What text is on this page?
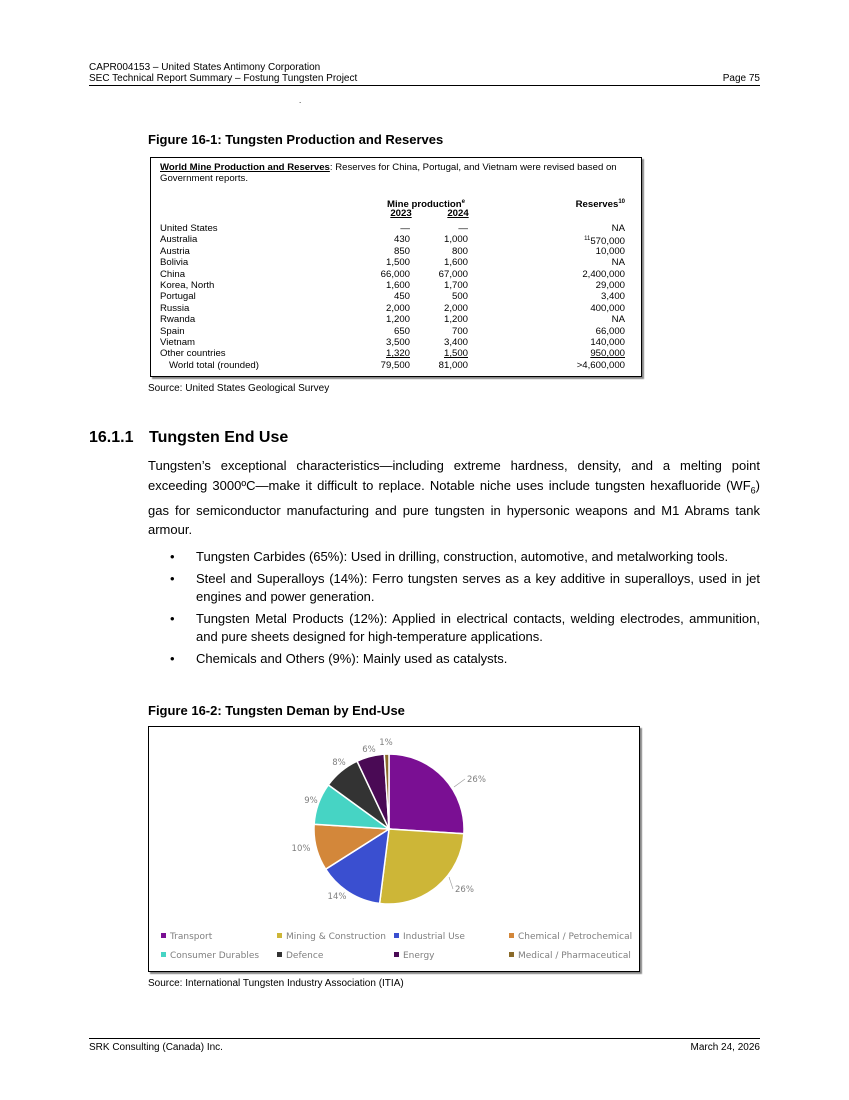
CAPR004153 – United States Antimony Corporation
SEC Technical Report Summary – Fostung Tungsten Project	Page 75
.
Figure 16-1: Tungsten Production and Reserves
World Mine Production and Reserves: Reserves for China, Portugal, and Vietnam were revised based on
Government reports.
Mine production$^e$
2023	2024
Reserves$^{10}$
United States	—	—	NA
Australia	430	1,000	$^{11}$570,000
Austria	850	800	10,000
Bolivia	1,500	1,600	NA
China	66,000	67,000	2,400,000
Korea, North	1,600	1,700	29,000
Portugal	450	500	3,400
Russia	2,000	2,000	400,000
Rwanda	1,200	1,200	NA
Spain	650	700	66,000
Vietnam	3,500	3,400	140,000
Other countries	1,320	1,500	950,000
World total (rounded)	79,500	81,000	>4,600,000
Source: United States Geological Survey
16.1.1 Tungsten End Use
Tungsten’s exceptional characteristics—including extreme hardness, density, and a melting point exceeding 3000ºC—make it difficult to replace. Notable niche uses include tungsten hexafluoride $(WF_6)$ gas for semiconductor manufacturing and pure tungsten in hypersonic weapons and M1 Abrams tank armour.
• Tungsten Carbides (65%): Used in drilling, construction, automotive, and metalworking tools.
• Steel and Superalloys (14%): Ferro tungsten serves as a key additive in superalloys, used in jet engines and power generation.
• Tungsten Metal Products (12%): Applied in electrical contacts, welding electrodes, ammunition, and pure sheets designed for high-temperature applications.
• Chemicals and Others (9%): Mainly used as catalysts.
Figure 16-2: Tungsten Deman by End-Use
26%
26%
14%
10%
9%
8%
6%
1%
Transport	Mining & Construction	Industrial Use	Chemical / Petrochemical
Consumer Durables	Defence	Energy	Medical / Pharmaceutical
Source: International Tungsten Industry Association (ITIA)
SRK Consulting (Canada) Inc.	March 24, 2026
